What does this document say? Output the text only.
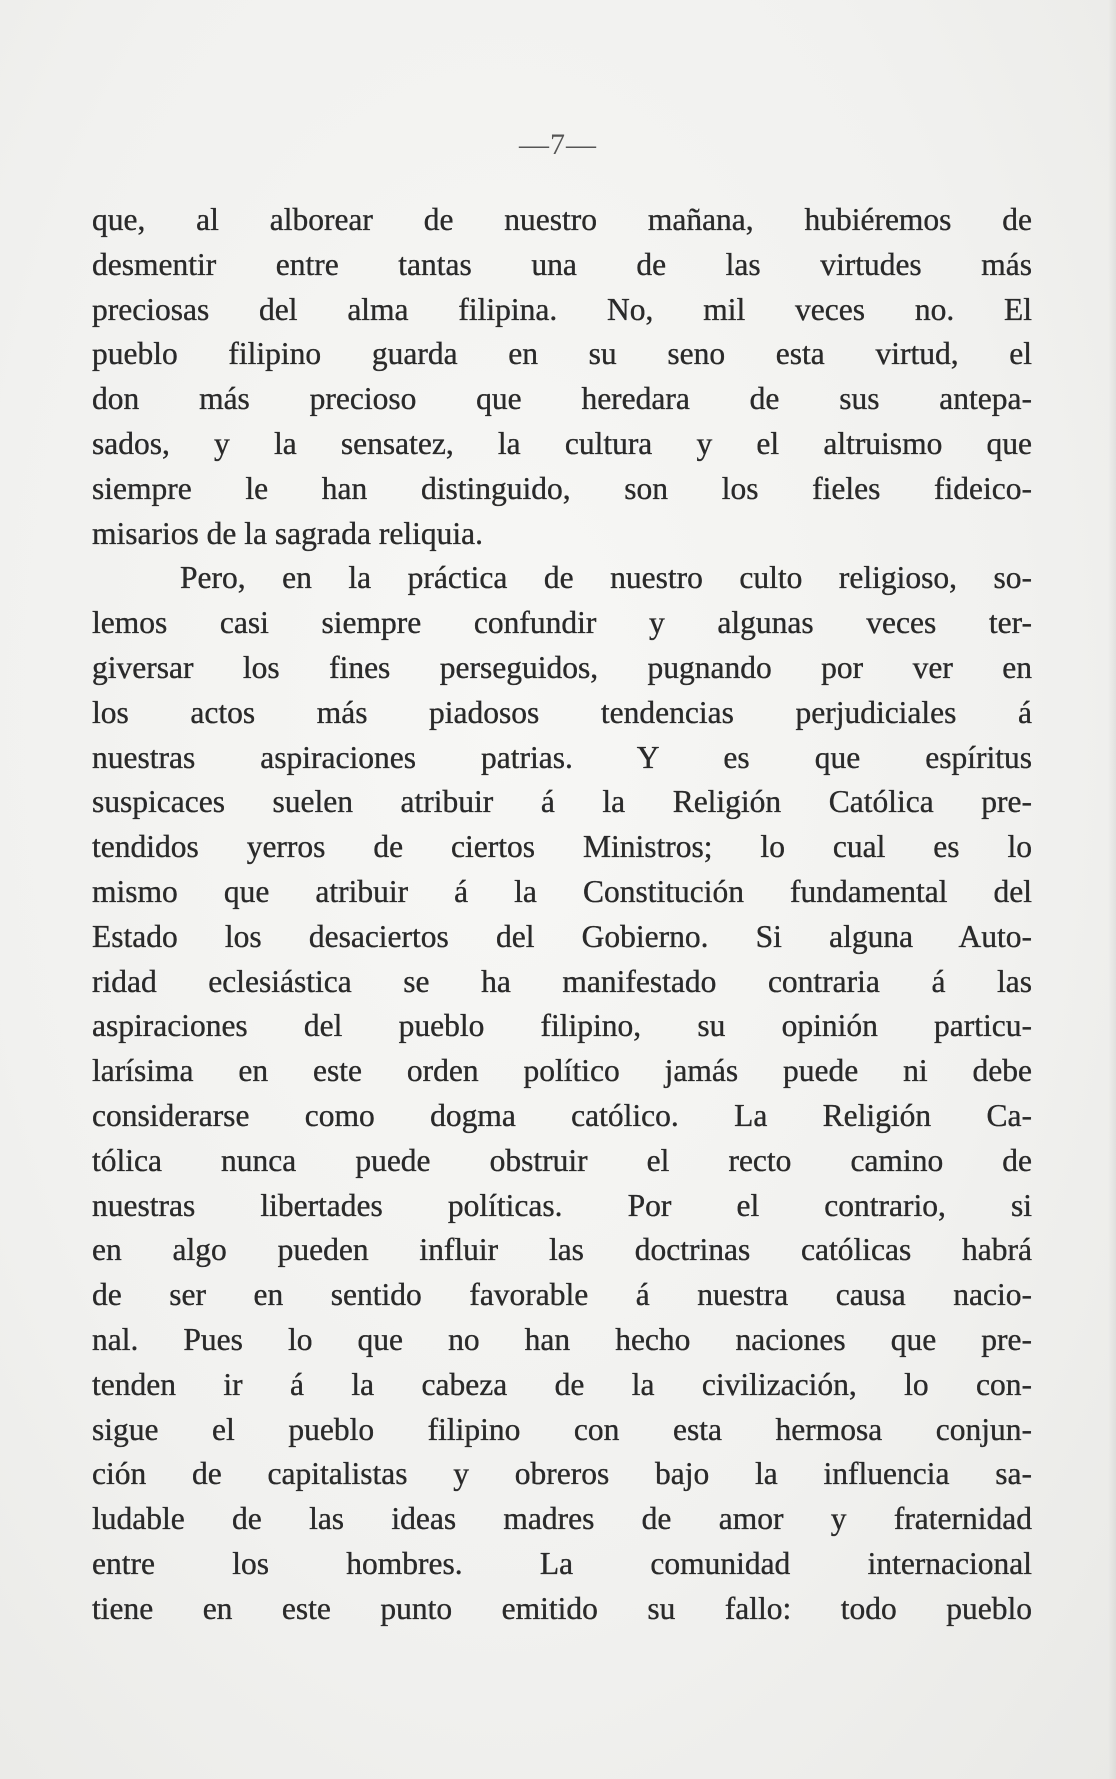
—7—
que, al alborear de nuestro mañana, hubiéremos de
desmentir entre tantas una de las virtudes más
preciosas del alma filipina. No, mil veces no. El
pueblo filipino guarda en su seno esta virtud, el
don más precioso que heredara de sus antepa-
sados, y la sensatez, la cultura y el altruismo que
siempre le han distinguido, son los fieles fideico-
misarios de la sagrada reliquia.
Pero, en la práctica de nuestro culto religioso, so-
lemos casi siempre confundir y algunas veces ter-
giversar los fines perseguidos, pugnando por ver en
los actos más piadosos tendencias perjudiciales á
nuestras aspiraciones patrias. Y es que espíritus
suspicaces suelen atribuir á la Religión Católica pre-
tendidos yerros de ciertos Ministros; lo cual es lo
mismo que atribuir á la Constitución fundamental del
Estado los desaciertos del Gobierno. Si alguna Auto-
ridad eclesiástica se ha manifestado contraria á las
aspiraciones del pueblo filipino, su opinión particu-
larísima en este orden político jamás puede ni debe
considerarse como dogma católico. La Religión Ca-
tólica nunca puede obstruir el recto camino de
nuestras libertades políticas. Por el contrario, si
en algo pueden influir las doctrinas católicas habrá
de ser en sentido favorable á nuestra causa nacio-
nal. Pues lo que no han hecho naciones que pre-
tenden ir á la cabeza de la civilización, lo con-
sigue el pueblo filipino con esta hermosa conjun-
ción de capitalistas y obreros bajo la influencia sa-
ludable de las ideas madres de amor y fraternidad
entre los hombres. La comunidad internacional
tiene en este punto emitido su fallo: todo pueblo
